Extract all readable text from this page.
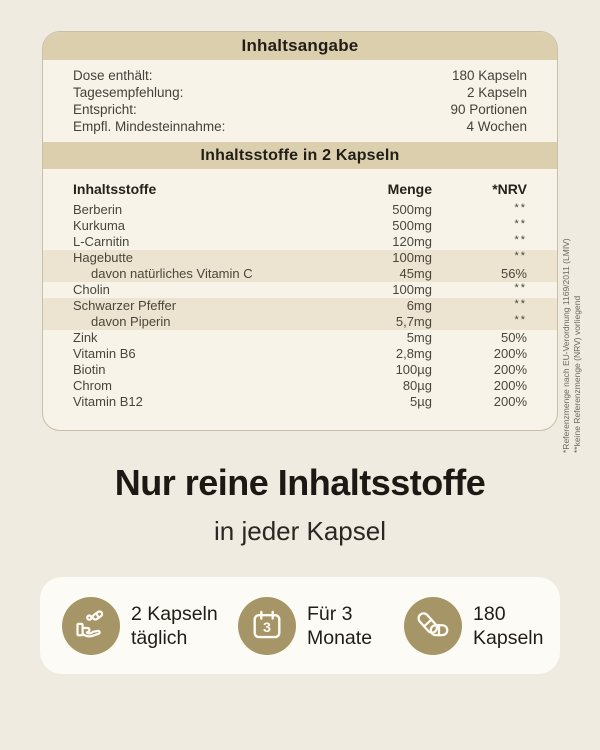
Inhaltsangabe
Dose enthält:	180 Kapseln
Tagesempfehlung:	2 Kapseln
Entspricht:	90 Portionen
Empfl. Mindesteinnahme:	4 Wochen
Inhaltsstoffe in 2 Kapseln
Inhaltsstoffe	Menge	*NRV
Berberin	500mg	**
Kurkuma	500mg	**
L-Carnitin	120mg	**
Hagebutte	100mg	**
davon natürliches Vitamin C	45mg	56%
Cholin	100mg	**
Schwarzer Pfeffer	6mg	**
davon Piperin	5,7mg	**
Zink	5mg	50%
Vitamin B6	2,8mg	200%
Biotin	100µg	200%
Chrom	80µg	200%
Vitamin B12	5µg	200%	*Referenzmenge nach EU-Verordnung 1169/2011 (LMIV) **keine Referenzmenge (NRV) vorliegend
Nur reine Inhaltsstoffe
in jeder Kapsel
2 Kapseln
täglich	3
Für 3
Monate
180
Kapseln
